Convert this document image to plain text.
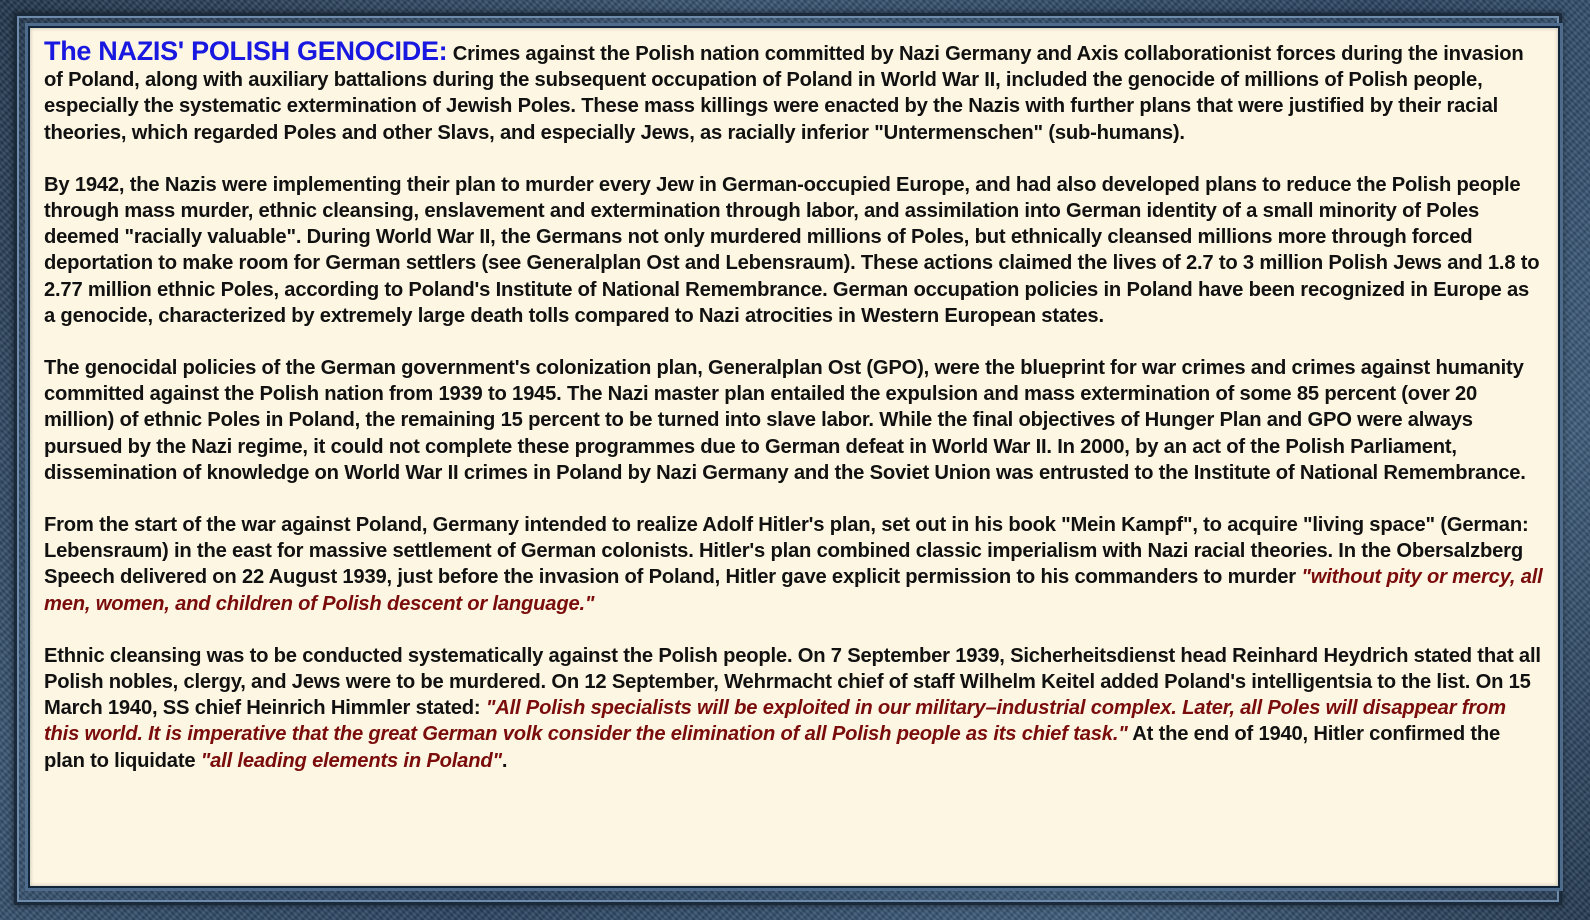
The NAZIS' POLISH GENOCIDE: Crimes against the Polish nation committed by Nazi Germany and Axis collaborationist forces during the invasion of Poland, along with auxiliary battalions during the subsequent occupation of Poland in World War II, included the genocide of millions of Polish people, especially the systematic extermination of Jewish Poles. These mass killings were enacted by the Nazis with further plans that were justified by their racial theories, which regarded Poles and other Slavs, and especially Jews, as racially inferior "Untermenschen" (sub-humans).

By 1942, the Nazis were implementing their plan to murder every Jew in German-occupied Europe, and had also developed plans to reduce the Polish people through mass murder, ethnic cleansing, enslavement and extermination through labor, and assimilation into German identity of a small minority of Poles deemed "racially valuable". During World War II, the Germans not only murdered millions of Poles, but ethnically cleansed millions more through forced deportation to make room for German settlers (see Generalplan Ost and Lebensraum). These actions claimed the lives of 2.7 to 3 million Polish Jews and 1.8 to 2.77 million ethnic Poles, according to Poland's Institute of National Remembrance. German occupation policies in Poland have been recognized in Europe as a genocide, characterized by extremely large death tolls compared to Nazi atrocities in Western European states.

The genocidal policies of the German government's colonization plan, Generalplan Ost (GPO), were the blueprint for war crimes and crimes against humanity committed against the Polish nation from 1939 to 1945. The Nazi master plan entailed the expulsion and mass extermination of some 85 percent (over 20 million) of ethnic Poles in Poland, the remaining 15 percent to be turned into slave labor. While the final objectives of Hunger Plan and GPO were always pursued by the Nazi regime, it could not complete these programmes due to German defeat in World War II. In 2000, by an act of the Polish Parliament, dissemination of knowledge on World War II crimes in Poland by Nazi Germany and the Soviet Union was entrusted to the Institute of National Remembrance.

From the start of the war against Poland, Germany intended to realize Adolf Hitler's plan, set out in his book "Mein Kampf", to acquire "living space" (German: Lebensraum) in the east for massive settlement of German colonists. Hitler's plan combined classic imperialism with Nazi racial theories. In the Obersalzberg Speech delivered on 22 August 1939, just before the invasion of Poland, Hitler gave explicit permission to his commanders to murder "without pity or mercy, all men, women, and children of Polish descent or language."

Ethnic cleansing was to be conducted systematically against the Polish people. On 7 September 1939, Sicherheitsdienst head Reinhard Heydrich stated that all Polish nobles, clergy, and Jews were to be murdered. On 12 September, Wehrmacht chief of staff Wilhelm Keitel added Poland's intelligentsia to the list. On 15 March 1940, SS chief Heinrich Himmler stated: "All Polish specialists will be exploited in our military–industrial complex. Later, all Poles will disappear from this world. It is imperative that the great German volk consider the elimination of all Polish people as its chief task." At the end of 1940, Hitler confirmed the plan to liquidate "all leading elements in Poland".
